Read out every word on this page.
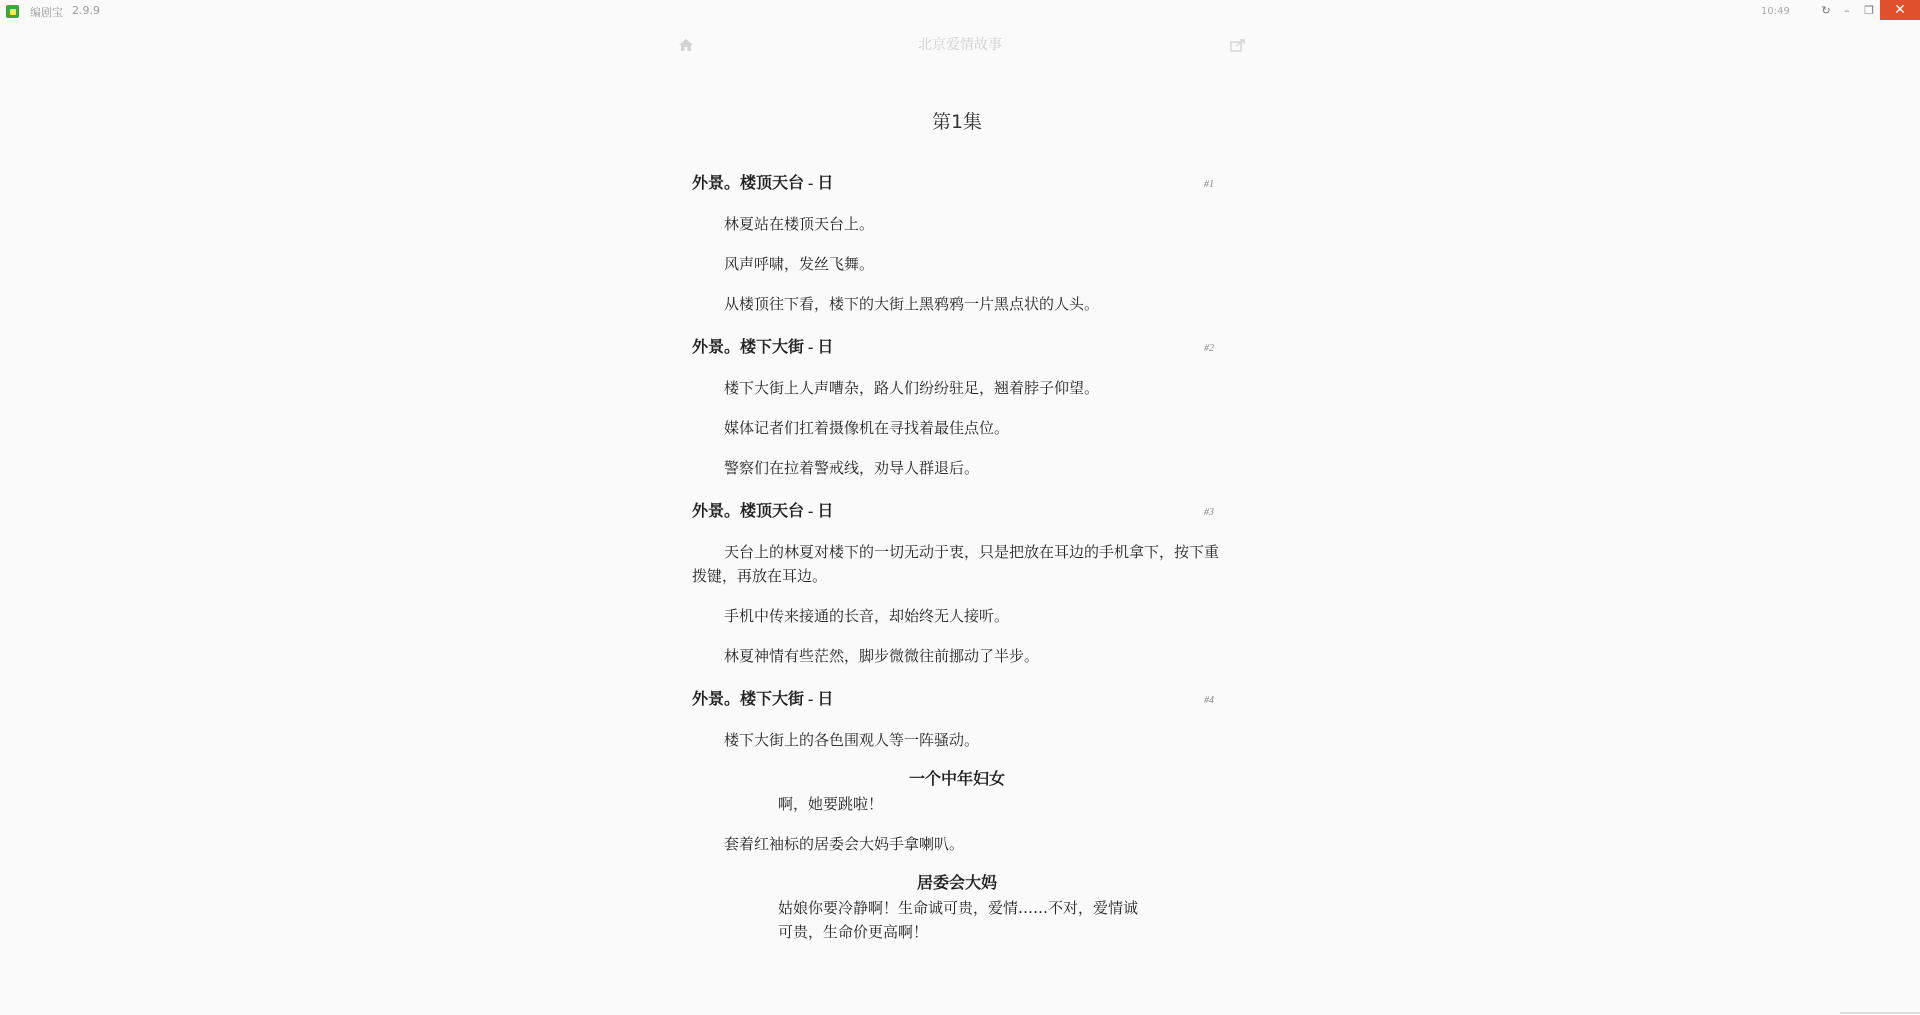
编剧宝 2.9.9	10:49	↻ – ❐ ✕
北京爱情故事
第1集
外景。楼顶天台 - 日	#1
林夏站在楼顶天台上。
风声呼啸，发丝飞舞。
从楼顶往下看，楼下的大街上黑鸦鸦一片黑点状的人头。
外景。楼下大街 - 日	#2
楼下大街上人声嘈杂，路人们纷纷驻足，翘着脖子仰望。
媒体记者们扛着摄像机在寻找着最佳点位。
警察们在拉着警戒线，劝导人群退后。
外景。楼顶天台 - 日	#3
天台上的林夏对楼下的一切无动于衷，只是把放在耳边的手机拿下，按下重拨键，再放在耳边。
手机中传来接通的长音，却始终无人接听。
林夏神情有些茫然，脚步微微往前挪动了半步。
外景。楼下大街 - 日	#4
楼下大街上的各色围观人等一阵骚动。
一个中年妇女
啊，她要跳啦！
套着红袖标的居委会大妈手拿喇叭。
居委会大妈
姑娘你要冷静啊！生命诚可贵，爱情……不对，爱情诚可贵，生命价更高啊！
